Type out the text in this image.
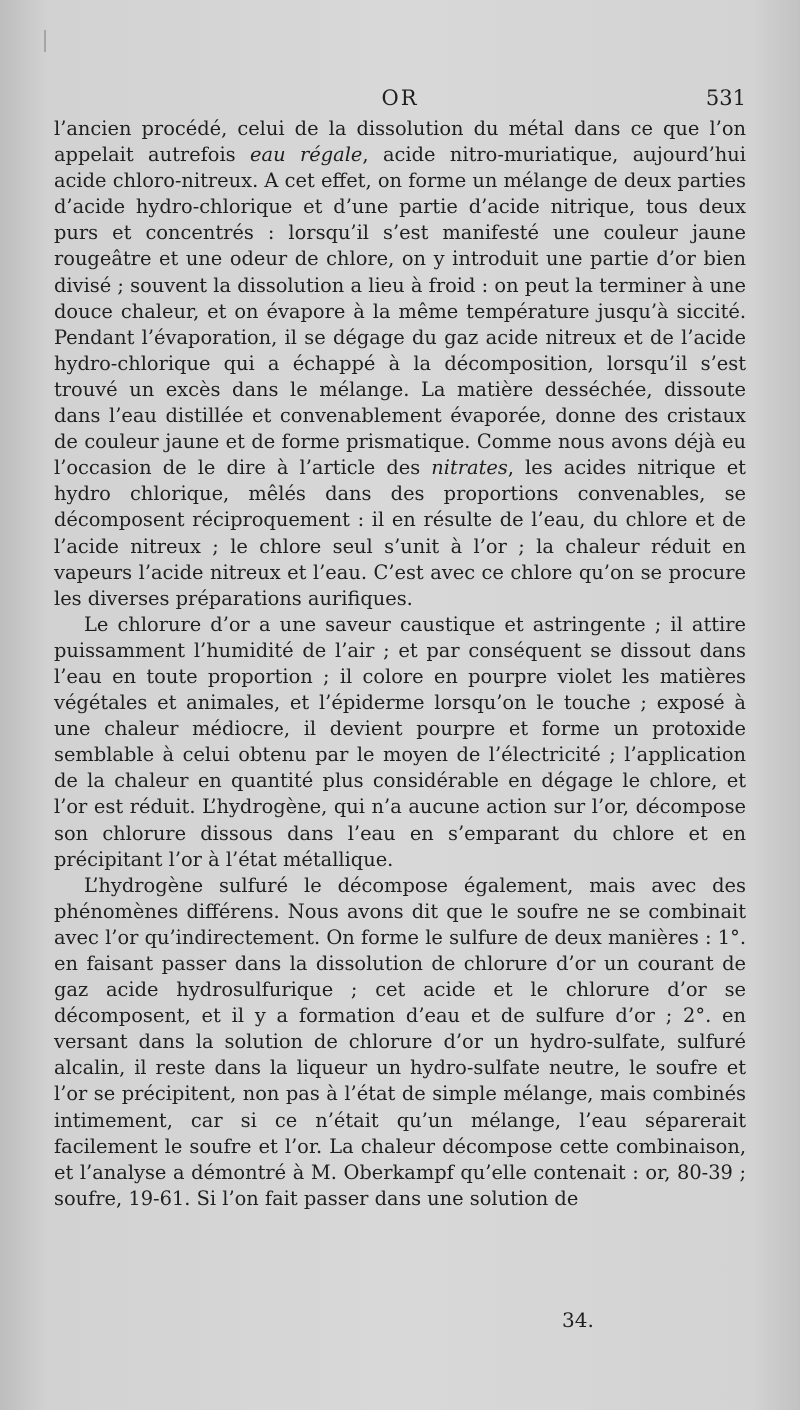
OR	531

l’ancien procédé, celui de la dissolution du métal dans ce que l’on appelait autrefois eau régale, acide nitro-muriatique, aujourd’hui acide chloro-nitreux. A cet effet, on forme un mélange de deux parties d’acide hydro-chlorique et d’une partie d’acide nitrique, tous deux purs et concentrés : lorsqu’il s’est manifesté une couleur jaune rougeâtre et une odeur de chlore, on y introduit une partie d’or bien divisé ; souvent la dissolution a lieu à froid : on peut la terminer à une douce chaleur, et on évapore à la même température jusqu’à siccité. Pendant l’évaporation, il se dégage du gaz acide nitreux et de l’acide hydro-chlorique qui a échappé à la décomposition, lorsqu’il s’est trouvé un excès dans le mélange. La matière desséchée, dissoute dans l’eau distillée et convenablement évaporée, donne des cristaux de couleur jaune et de forme prismatique. Comme nous avons déjà eu l’occasion de le dire à l’article des nitrates, les acides nitrique et hydro chlorique, mêlés dans des proportions convenables, se décomposent réciproquement : il en résulte de l’eau, du chlore et de l’acide nitreux ; le chlore seul s’unit à l’or ; la chaleur réduit en vapeurs l’acide nitreux et l’eau. C’est avec ce chlore qu’on se procure les diverses préparations aurifiques.

Le chlorure d’or a une saveur caustique et astringente ; il attire puissamment l’humidité de l’air ; et par conséquent se dissout dans l’eau en toute proportion ; il colore en pourpre violet les matières végétales et animales, et l’épiderme lorsqu’on le touche ; exposé à une chaleur médiocre, il devient pourpre et forme un protoxide semblable à celui obtenu par le moyen de l’électricité ; l’application de la chaleur en quantité plus considérable en dégage le chlore, et l’or est réduit. L’hydrogène, qui n’a aucune action sur l’or, décompose son chlorure dissous dans l’eau en s’emparant du chlore et en précipitant l’or à l’état métallique.

L’hydrogène sulfuré le décompose également, mais avec des phénomènes différens. Nous avons dit que le soufre ne se combinait avec l’or qu’indirectement. On forme le sulfure de deux manières : 1°. en faisant passer dans la dissolution de chlorure d’or un courant de gaz acide hydrosulfurique ; cet acide et le chlorure d’or se décomposent, et il y a formation d’eau et de sulfure d’or ; 2°. en versant dans la solution de chlorure d’or un hydro-sulfate, sulfuré alcalin, il reste dans la liqueur un hydro-sulfate neutre, le soufre et l’or se précipitent, non pas à l’état de simple mélange, mais combinés intimement, car si ce n’était qu’un mélange, l’eau séparerait facilement le soufre et l’or. La chaleur décompose cette combinaison, et l’analyse a démontré à M. Oberkampf qu’elle contenait : or, 80-39 ; soufre, 19-61. Si l’on fait passer dans une solution de

34.
